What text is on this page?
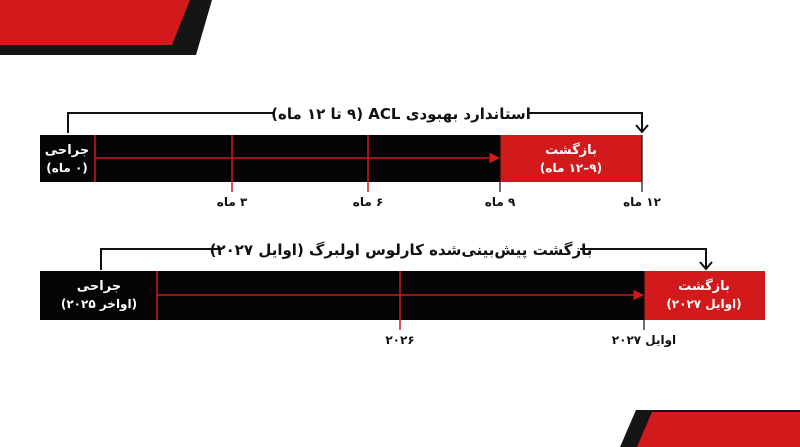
استاندارد بهبودی ACL (۹ تا ۱۲ ماه)
جراحی
(۰ ماه)
بازگشت
(۹–۱۲ ماه)
۳ ماه	۶ ماه	۹ ماه	۱۲ ماه
بازگشت پیش‌بینی‌شده کارلوس اولبرگ (اوایل ۲۰۲۷)
جراحی
(اواخر ۲۰۲۵)
بازگشت
(اوایل ۲۰۲۷)
۲۰۲۶	اوایل ۲۰۲۷
